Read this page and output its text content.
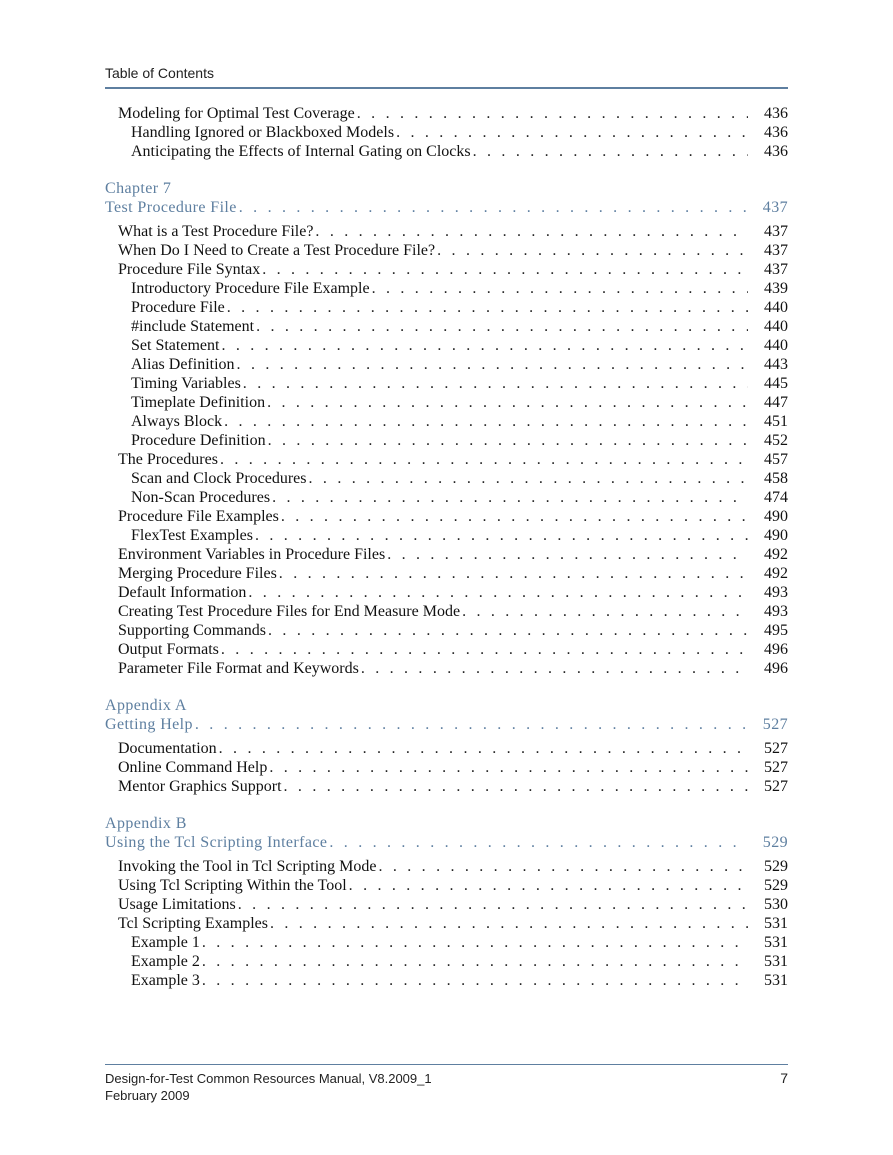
Table of Contents
Modeling for Optimal Test Coverage . . .	436
Handling Ignored or Blackboxed Models . . .	436
Anticipating the Effects of Internal Gating on Clocks . . .	436
Chapter 7
Test Procedure File . . .	437
What is a Test Procedure File? . . .	437
When Do I Need to Create a Test Procedure File? . . .	437
Procedure File Syntax . . .	437
Introductory Procedure File Example . . .	439
Procedure File . . .	440
#include Statement . . .	440
Set Statement . . .	440
Alias Definition . . .	443
Timing Variables . . .	445
Timeplate Definition . . .	447
Always Block . . .	451
Procedure Definition . . .	452
The Procedures . . .	457
Scan and Clock Procedures . . .	458
Non-Scan Procedures . . .	474
Procedure File Examples . . .	490
FlexTest Examples . . .	490
Environment Variables in Procedure Files . . .	492
Merging Procedure Files . . .	492
Default Information . . .	493
Creating Test Procedure Files for End Measure Mode . . .	493
Supporting Commands . . .	495
Output Formats . . .	496
Parameter File Format and Keywords . . .	496
Appendix A
Getting Help . . .	527
Documentation . . .	527
Online Command Help . . .	527
Mentor Graphics Support . . .	527
Appendix B
Using the Tcl Scripting Interface . . .	529
Invoking the Tool in Tcl Scripting Mode . . .	529
Using Tcl Scripting Within the Tool . . .	529
Usage Limitations . . .	530
Tcl Scripting Examples . . .	531
Example 1 . . .	531
Example 2 . . .	531
Example 3 . . .	531
Design-for-Test Common Resources Manual, V8.2009_1
February 2009
7
